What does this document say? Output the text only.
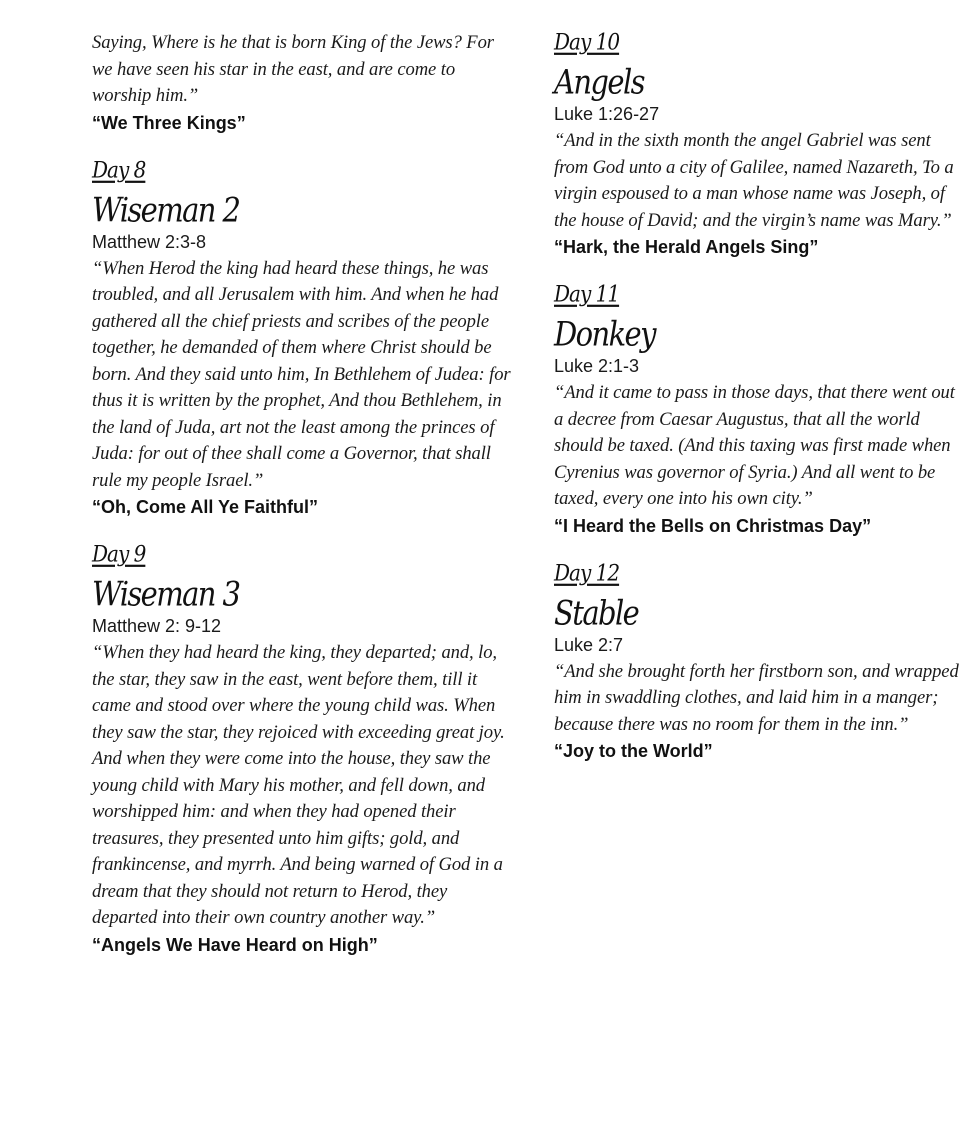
Saying, Where is he that is born King of the Jews? For we have seen his star in the east, and are come to worship him.”

“We Three Kings”

Day 8
Wiseman 2

Matthew 2:3-8

“When Herod the king had heard these things, he was troubled, and all Jerusalem with him. And when he had gathered all the chief priests and scribes of the people together, he demanded of them where Christ should be born. And they said unto him, In Bethlehem of Judea: for thus it is written by the prophet, And thou Bethlehem, in the land of Juda, art not the least among the princes of Juda: for out of thee shall come a Governor, that shall rule my people Israel.”

“Oh, Come All Ye Faithful”

Day 9
Wiseman 3

Matthew 2: 9-12

“When they had heard the king, they departed; and, lo, the star, they saw in the east, went before them, till it came and stood over where the young child was. When they saw the star, they rejoiced with exceeding great joy. And when they were come into the house, they saw the young child with Mary his mother, and fell down, and worshipped him: and when they had opened their treasures, they presented unto him gifts; gold, and frankincense, and myrrh. And being warned of God in a dream that they should not return to Herod, they departed into their own country another way.”

“Angels We Have Heard on High”

Day 10
Angels

Luke 1:26-27

“And in the sixth month the angel Gabriel was sent from God unto a city of Galilee, named Nazareth, To a virgin espoused to a man whose name was Joseph, of the house of David; and the virgin’s name was Mary.”

“Hark, the Herald Angels Sing”

Day 11
Donkey

Luke 2:1-3

“And it came to pass in those days, that there went out a decree from Caesar Augustus, that all the world should be taxed. (And this taxing was first made when Cyrenius was governor of Syria.) And all went to be taxed, every one into his own city.”

“I Heard the Bells on Christmas Day”

Day 12
Stable

Luke 2:7

“And she brought forth her firstborn son, and wrapped him in swaddling clothes, and laid him in a manger; because there was no room for them in the inn.”

“Joy to the World”
